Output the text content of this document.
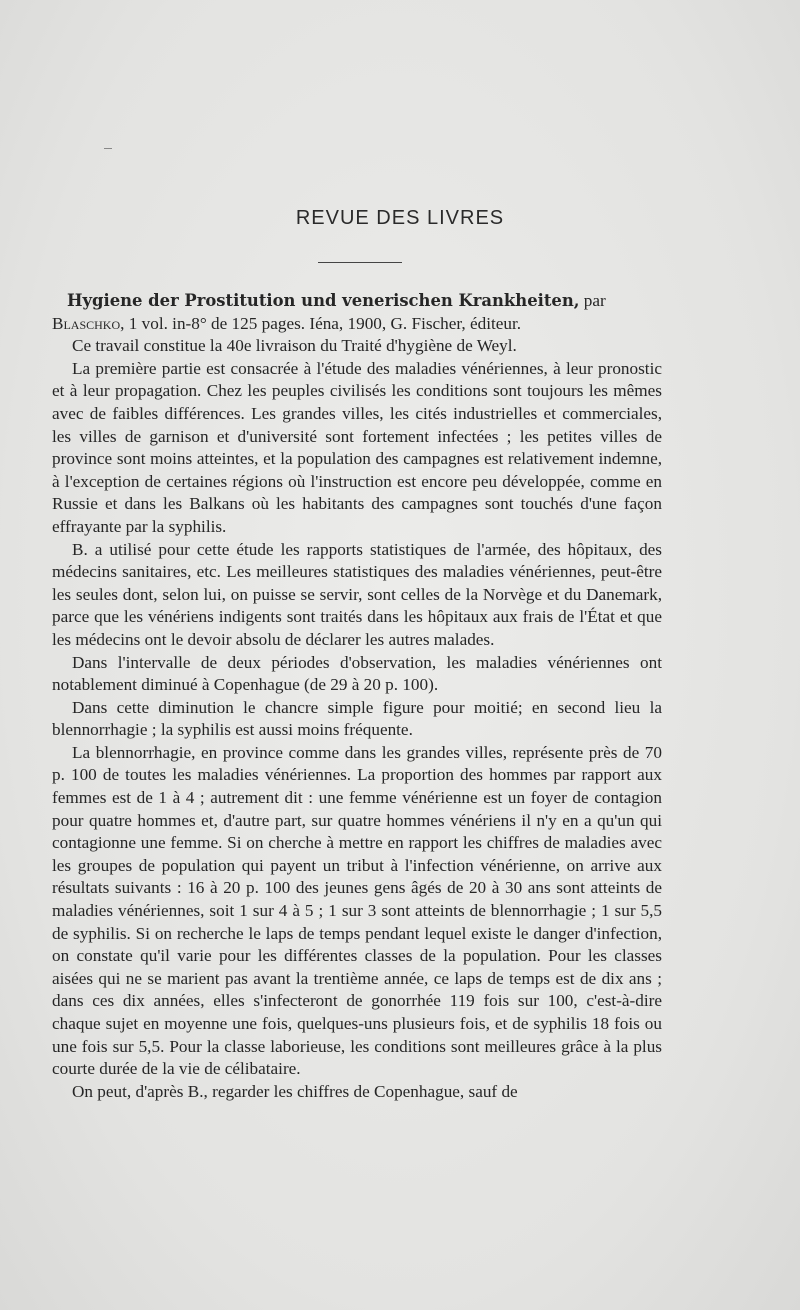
REVUE DES LIVRES

Hygiene der Prostitution und venerischen Krankheiten, par
Blaschko, 1 vol. in-8° de 125 pages. Iéna, 1900, G. Fischer, éditeur.

Ce travail constitue la 40e livraison du Traité d'hygiène de Weyl.

La première partie est consacrée à l'étude des maladies vénériennes, à leur pronostic et à leur propagation. Chez les peuples civilisés les conditions sont toujours les mêmes avec de faibles différences. Les grandes villes, les cités industrielles et commerciales, les villes de garnison et d'université sont fortement infectées ; les petites villes de province sont moins atteintes, et la population des campagnes est relativement indemne, à l'exception de certaines régions où l'instruction est encore peu développée, comme en Russie et dans les Balkans où les habitants des campagnes sont touchés d'une façon effrayante par la syphilis.

B. a utilisé pour cette étude les rapports statistiques de l'armée, des hôpitaux, des médecins sanitaires, etc. Les meilleures statistiques des maladies vénériennes, peut-être les seules dont, selon lui, on puisse se servir, sont celles de la Norvège et du Danemark, parce que les vénériens indigents sont traités dans les hôpitaux aux frais de l'État et que les médecins ont le devoir absolu de déclarer les autres malades.

Dans l'intervalle de deux périodes d'observation, les maladies vénériennes ont notablement diminué à Copenhague (de 29 à 20 p. 100).

Dans cette diminution le chancre simple figure pour moitié; en second lieu la blennorrhagie ; la syphilis est aussi moins fréquente.

La blennorrhagie, en province comme dans les grandes villes, représente près de 70 p. 100 de toutes les maladies vénériennes. La proportion des hommes par rapport aux femmes est de 1 à 4 ; autrement dit : une femme vénérienne est un foyer de contagion pour quatre hommes et, d'autre part, sur quatre hommes vénériens il n'y en a qu'un qui contagionne une femme. Si on cherche à mettre en rapport les chiffres de maladies avec les groupes de population qui payent un tribut à l'infection vénérienne, on arrive aux résultats suivants : 16 à 20 p. 100 des jeunes gens âgés de 20 à 30 ans sont atteints de maladies vénériennes, soit 1 sur 4 à 5 ; 1 sur 3 sont atteints de blennorrhagie ; 1 sur 5,5 de syphilis. Si on recherche le laps de temps pendant lequel existe le danger d'infection, on constate qu'il varie pour les différentes classes de la population. Pour les classes aisées qui ne se marient pas avant la trentième année, ce laps de temps est de dix ans ; dans ces dix années, elles s'infecteront de gonorrhée 119 fois sur 100, c'est-à-dire chaque sujet en moyenne une fois, quelques-uns plusieurs fois, et de syphilis 18 fois ou une fois sur 5,5. Pour la classe laborieuse, les conditions sont meilleures grâce à la plus courte durée de la vie de célibataire.

On peut, d'après B., regarder les chiffres de Copenhague, sauf de
